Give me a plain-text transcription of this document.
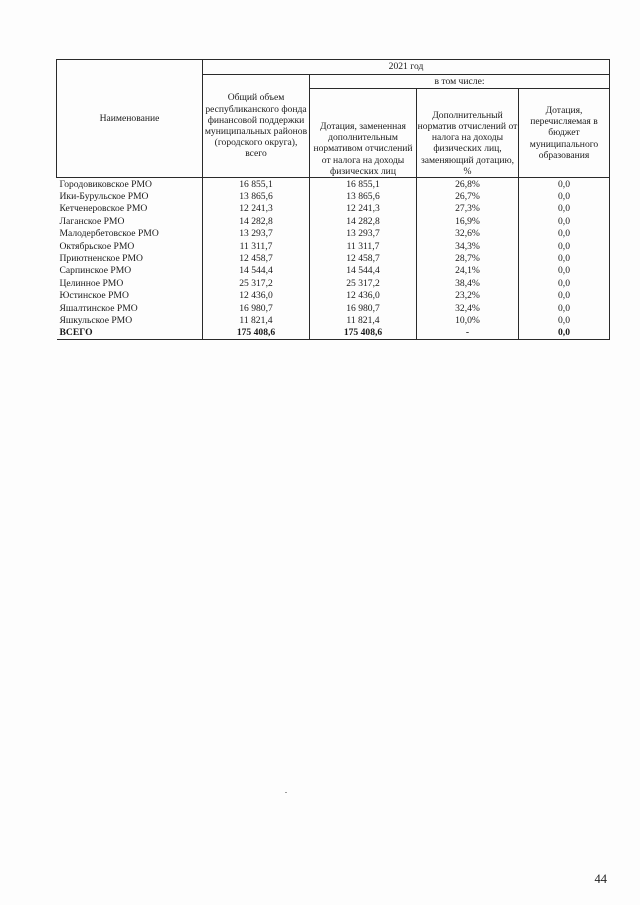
Наименование	2021 год			
	Общий объем республиканского фонда финансовой поддержки муниципальных районов (городского округа), всего	в том числе:		
		Дотация, замененная дополнительным нормативом отчислений от налога на доходы физических лиц	Дополнительный норматив отчислений от налога на доходы физических лиц, заменяющий дотацию, %	Дотация, перечисляемая в бюджет муниципального образования
Городовиковское РМО	16 855,1	16 855,1	26,8%	0,0
Ики-Бурульское РМО	13 865,6	13 865,6	26,7%	0,0
Кетченеровское РМО	12 241,3	12 241,3	27,3%	0,0
Лаганское РМО	14 282,8	14 282,8	16,9%	0,0
Малодербетовское РМО	13 293,7	13 293,7	32,6%	0,0
Октябрьское РМО	11 311,7	11 311,7	34,3%	0,0
Приютненское РМО	12 458,7	12 458,7	28,7%	0,0
Сарпинское РМО	14 544,4	14 544,4	24,1%	0,0
Целинное РМО	25 317,2	25 317,2	38,4%	0,0
Юстинское РМО	12 436,0	12 436,0	23,2%	0,0
Яшалтинское РМО	16 980,7	16 980,7	32,4%	0,0
Яшкульское РМО	11 821,4	11 821,4	10,0%	0,0
ВСЕГО	175 408,6	175 408,6	-	0,0
44
